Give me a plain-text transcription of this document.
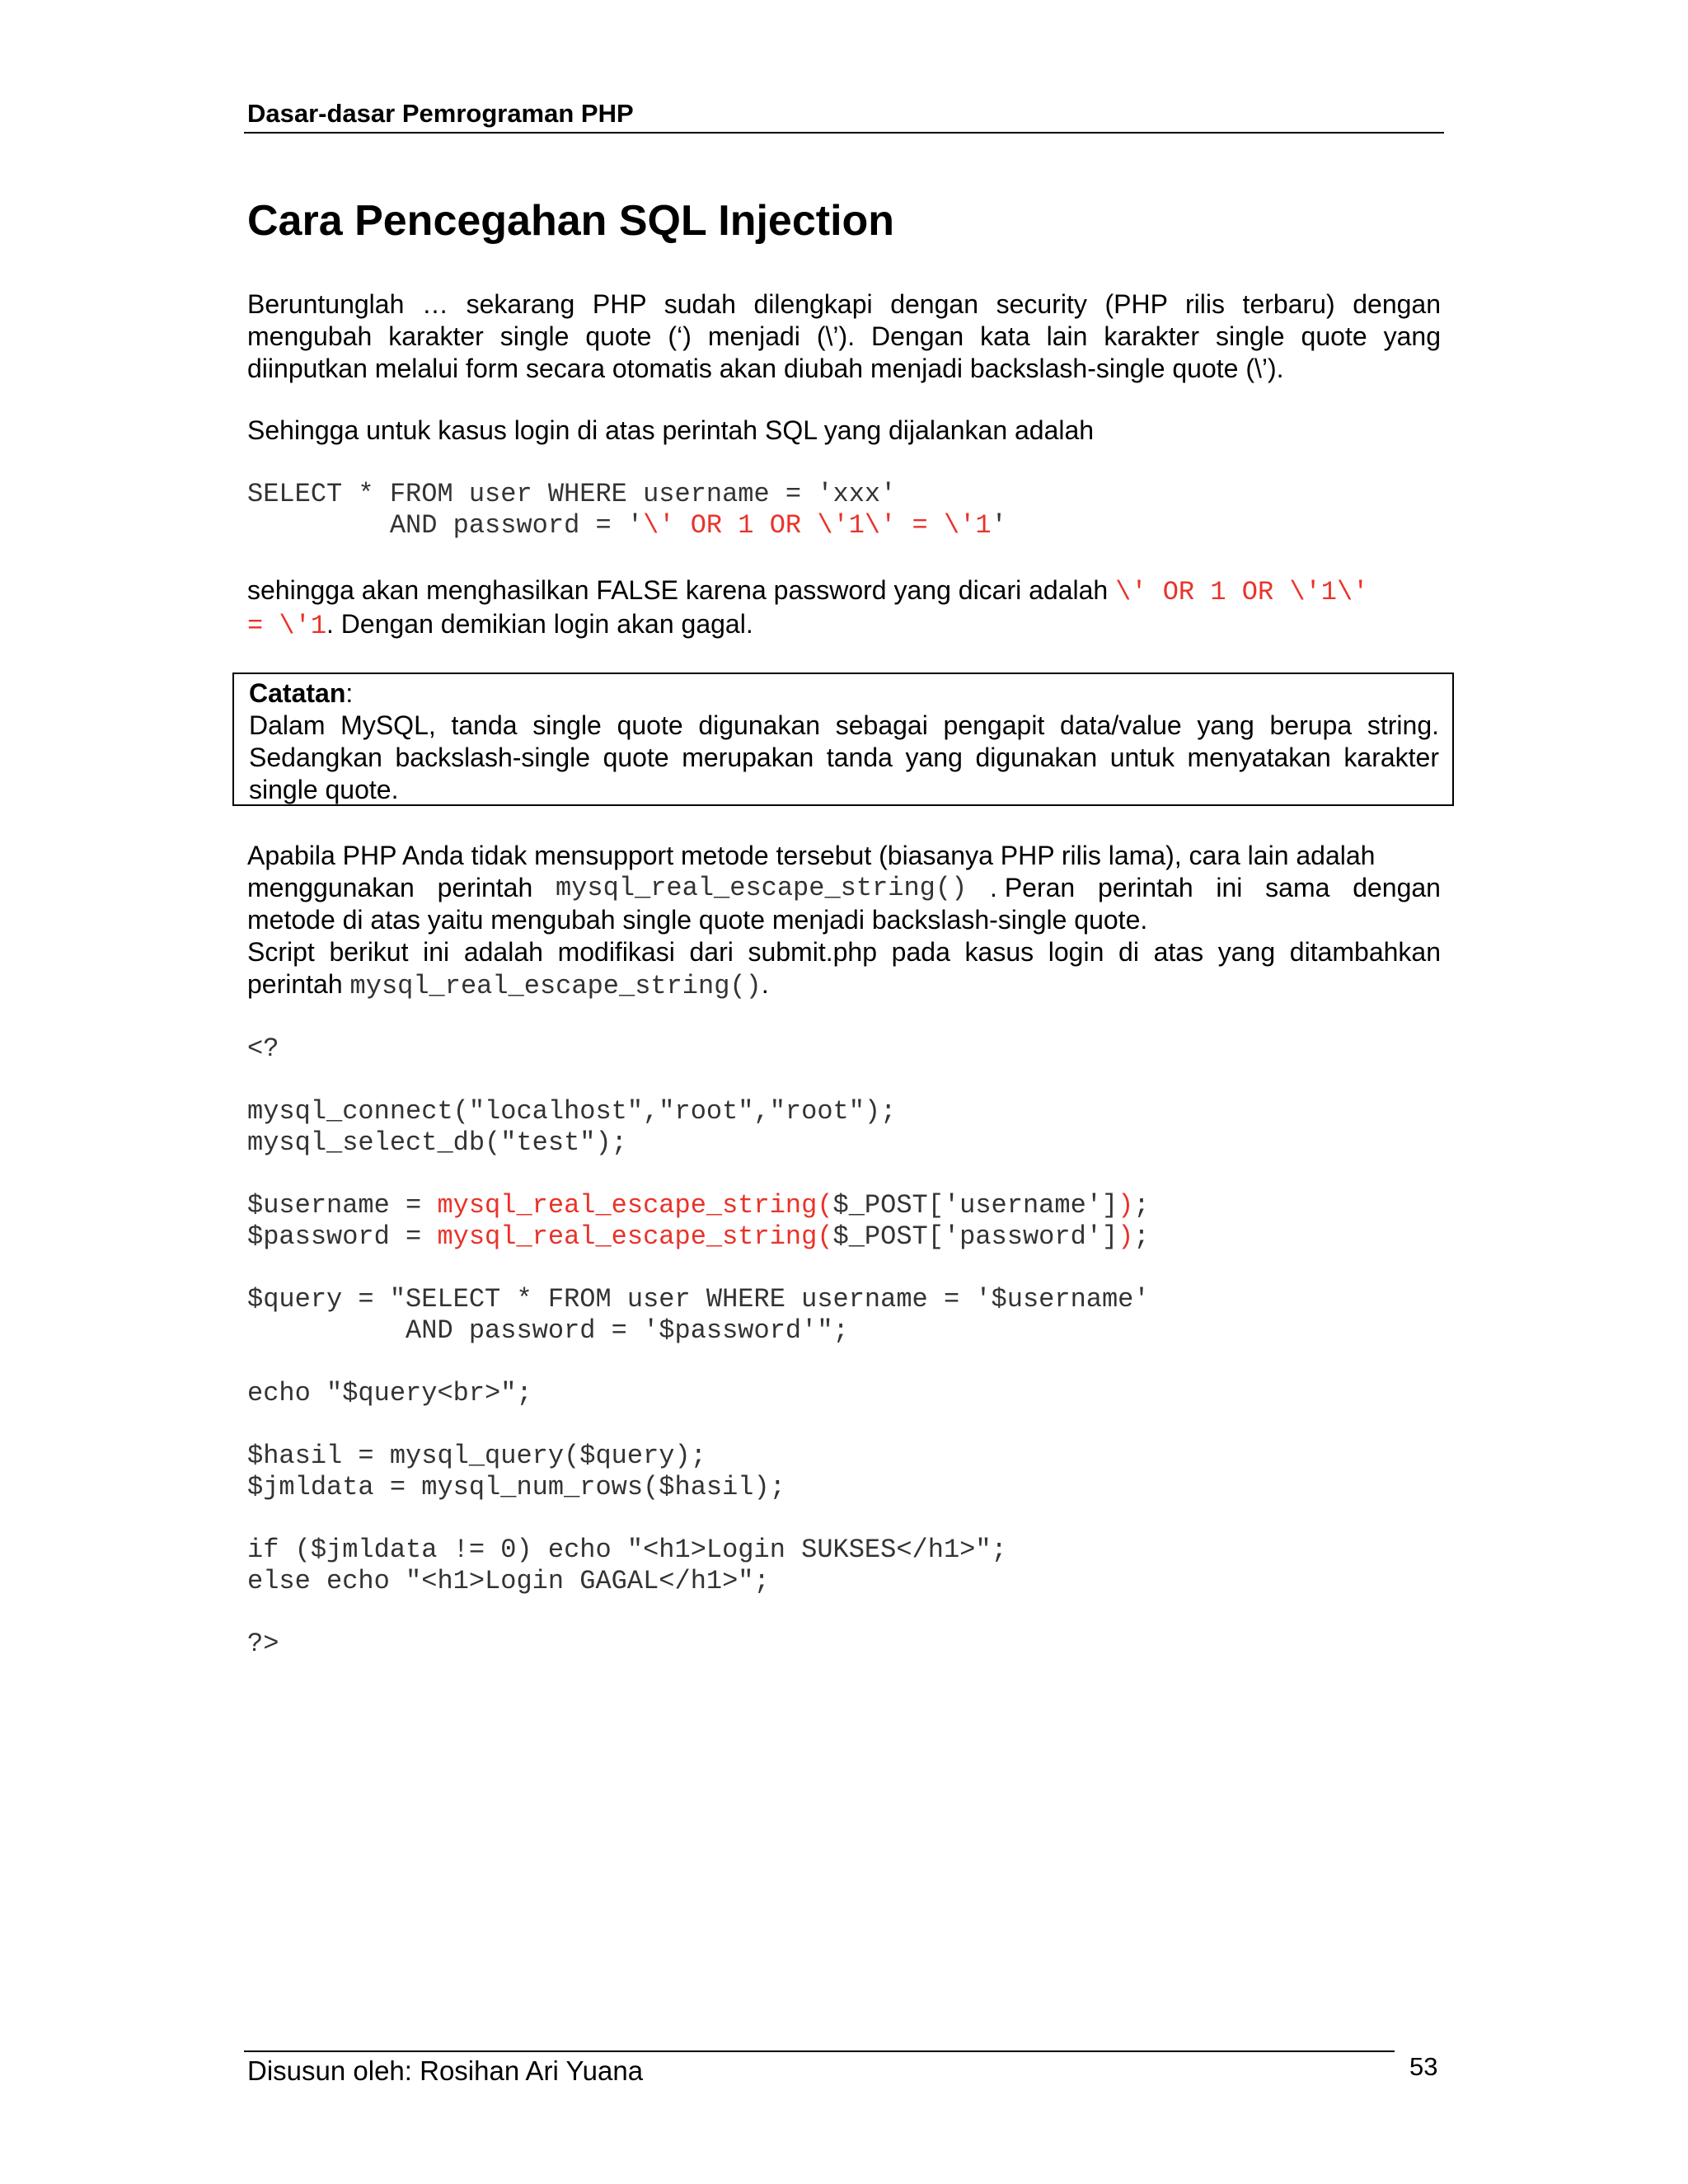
Dasar-dasar Pemrograman PHP
Cara Pencegahan SQL Injection
Beruntunglah … sekarang PHP sudah dilengkapi dengan security (PHP rilis terbaru) dengan mengubah karakter single quote (‘) menjadi (\’). Dengan kata lain karakter single quote yang diinputkan melalui form secara otomatis akan diubah menjadi backslash-single quote (\’).
Sehingga untuk kasus login di atas perintah SQL yang dijalankan adalah
SELECT * FROM user WHERE username = 'xxx'
AND password = '\' OR 1 OR \'1\' = \'1'
sehingga akan menghasilkan FALSE karena password yang dicari adalah \' OR 1 OR \'1\'
= \'1. Dengan demikian login akan gagal.
Catatan:
Dalam MySQL, tanda single quote digunakan sebagai pengapit data/value yang berupa string. Sedangkan backslash-single quote merupakan tanda yang digunakan untuk menyatakan karakter single quote.
Apabila PHP Anda tidak mensupport metode tersebut (biasanya PHP rilis lama), cara lain adalah
menggunakan perintah mysql_real_escape_string() . Peran perintah ini sama dengan
metode di atas yaitu mengubah single quote menjadi backslash-single quote.
Script berikut ini adalah modifikasi dari submit.php pada kasus login di atas yang ditambahkan
perintah mysql_real_escape_string().
<?

mysql_connect("localhost","root","root");
mysql_select_db("test");

$username = mysql_real_escape_string($_POST['username']);
$password = mysql_real_escape_string($_POST['password']);

$query = "SELECT * FROM user WHERE username = '$username'
AND password = '$password'";

echo "$query<br>";

$hasil = mysql_query($query);
$jmldata = mysql_num_rows($hasil);

if ($jmldata != 0) echo "<h1>Login SUKSES</h1>";
else echo "<h1>Login GAGAL</h1>";

?>
Disusun oleh: Rosihan Ari Yuana	53
